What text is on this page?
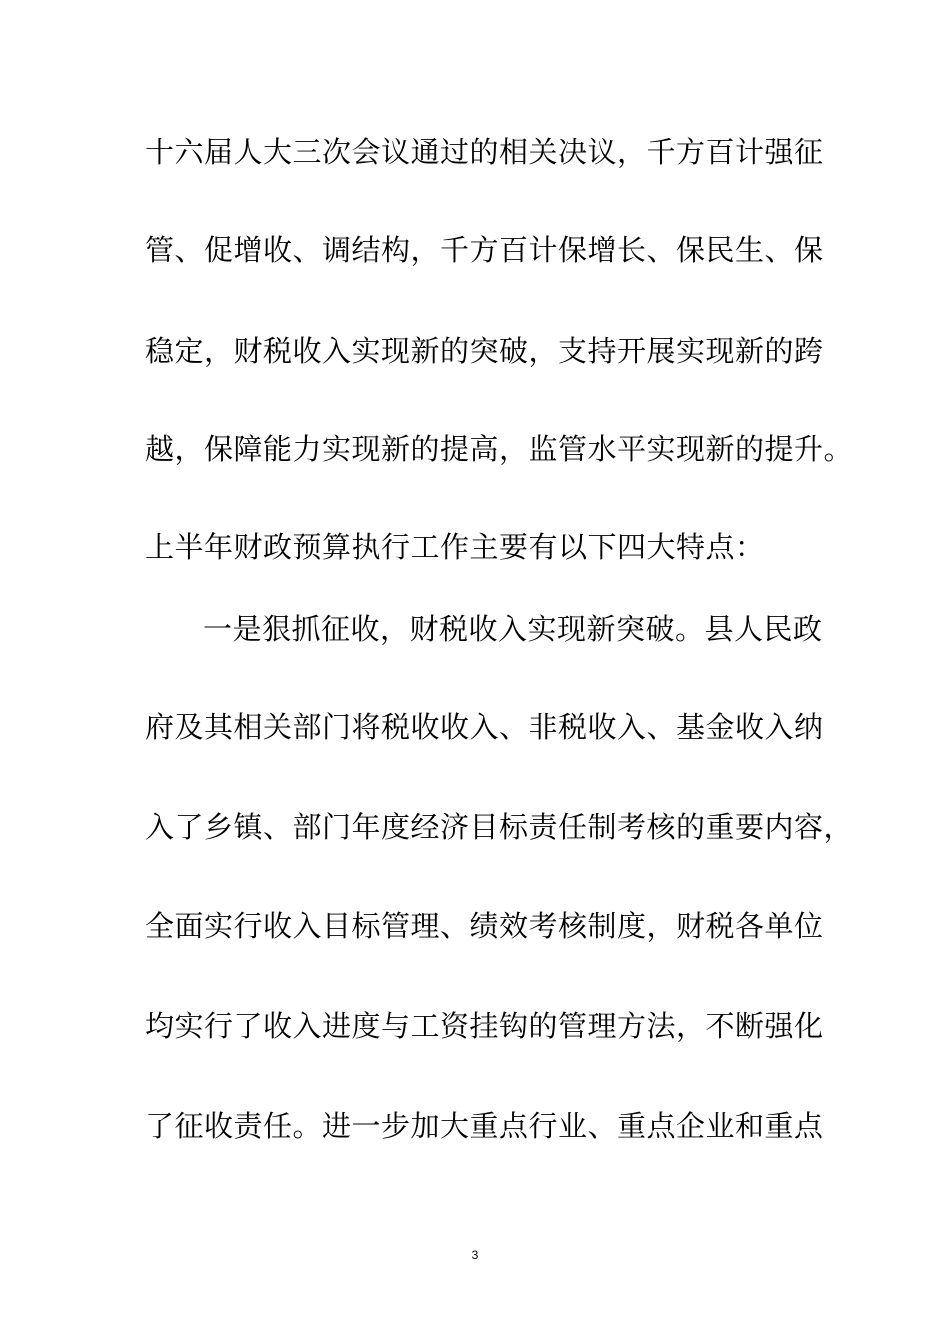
十六届人大三次会议通过的相关决议，千方百计强征
管、促增收、调结构，千方百计保增长、保民生、保
稳定，财税收入实现新的突破，支持开展实现新的跨
越，保障能力实现新的提高，监管水平实现新的提升。
上半年财政预算执行工作主要有以下四大特点：
一是狠抓征收，财税收入实现新突破。县人民政
府及其相关部门将税收收入、非税收入、基金收入纳
入了乡镇、部门年度经济目标责任制考核的重要内容，
全面实行收入目标管理、绩效考核制度，财税各单位
均实行了收入进度与工资挂钩的管理方法，不断强化
了征收责任。进一步加大重点行业、重点企业和重点
3
